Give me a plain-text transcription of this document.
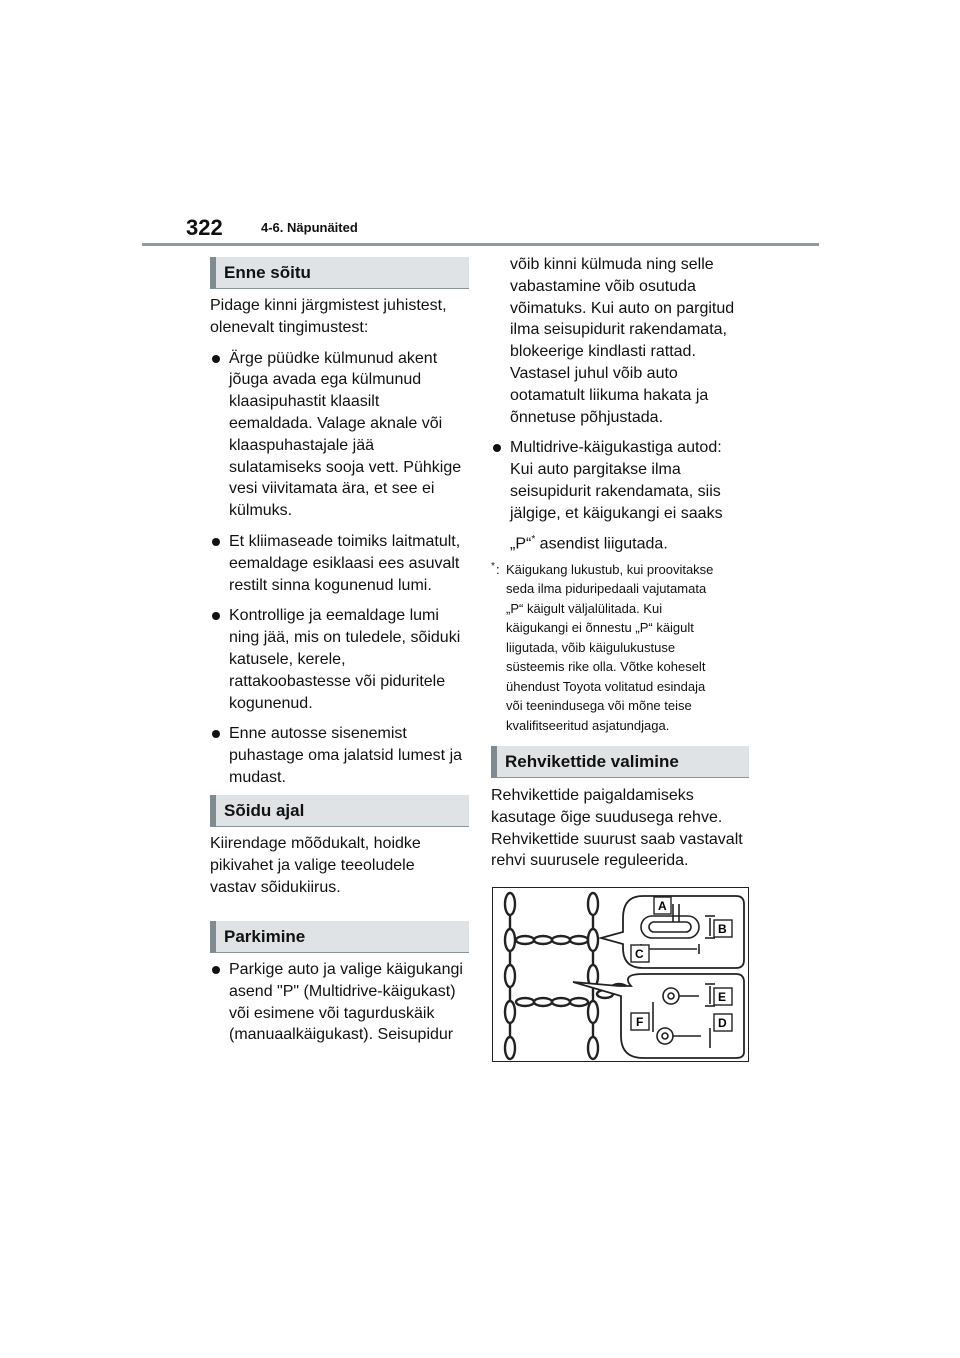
322	4-6. Näpunäited
Enne sõitu

Pidage kinni järgmistest juhistest,

olenevalt tingimustest:

Ärge püüdke külmunud akent

jõuga avada ega külmunud

klaasipuhastit klaasilt

eemaldada. Valage aknale või

klaaspuhastajale jää

sulatamiseks sooja vett. Pühkige

vesi viivitamata ära, et see ei

külmuks.

Et kliimaseade toimiks laitmatult,

eemaldage esiklaasi ees asuvalt

restilt sinna kogunenud lumi.

Kontrollige ja eemaldage lumi

ning jää, mis on tuledele, sõiduki

katusele, kerele,

rattakoobastesse või piduritele

kogunenud.

Enne autosse sisenemist

puhastage oma jalatsid lumest ja

mudast.

Sõidu ajal

Kiirendage mõõdukalt, hoidke

pikivahet ja valige teeoludele

vastav sõidukiirus.

Parkimine

Parkige auto ja valige käigukangi

asend "P" (Multidrive-käigukast)

või esimene või tagurduskäik

(manuaalkäigukast). Seisupidur

võib kinni külmuda ning selle

vabastamine võib osutuda

võimatuks. Kui auto on pargitud

ilma seisupidurit rakendamata,

blokeerige kindlasti rattad.

Vastasel juhul võib auto

ootamatult liikuma hakata ja

õnnetuse põhjustada.

Multidrive-käigukastiga autod:

Kui auto pargitakse ilma

seisupidurit rakendamata, siis

jälgige, et käigukangi ei saaks

„P“* asendist liigutada.

* : Käigukang lukustub, kui proovitakse

seda ilma piduripedaali vajutamata

„P“ käigult väljalülitada. Kui

käigukangi ei õnnestu „P“ käigult

liigutada, võib käigulukustuse

süsteemis rike olla. Võtke koheselt

ühendust Toyota volitatud esindaja

või teenindusega või mõne teise

kvalifitseeritud asjatundjaga.

Rehvikettide valimine

Rehvikettide paigaldamiseks

kasutage õige suudusega rehve.

Rehvikettide suurust saab vastavalt

rehvi suurusele reguleerida.

A
B
C
E
F	D
